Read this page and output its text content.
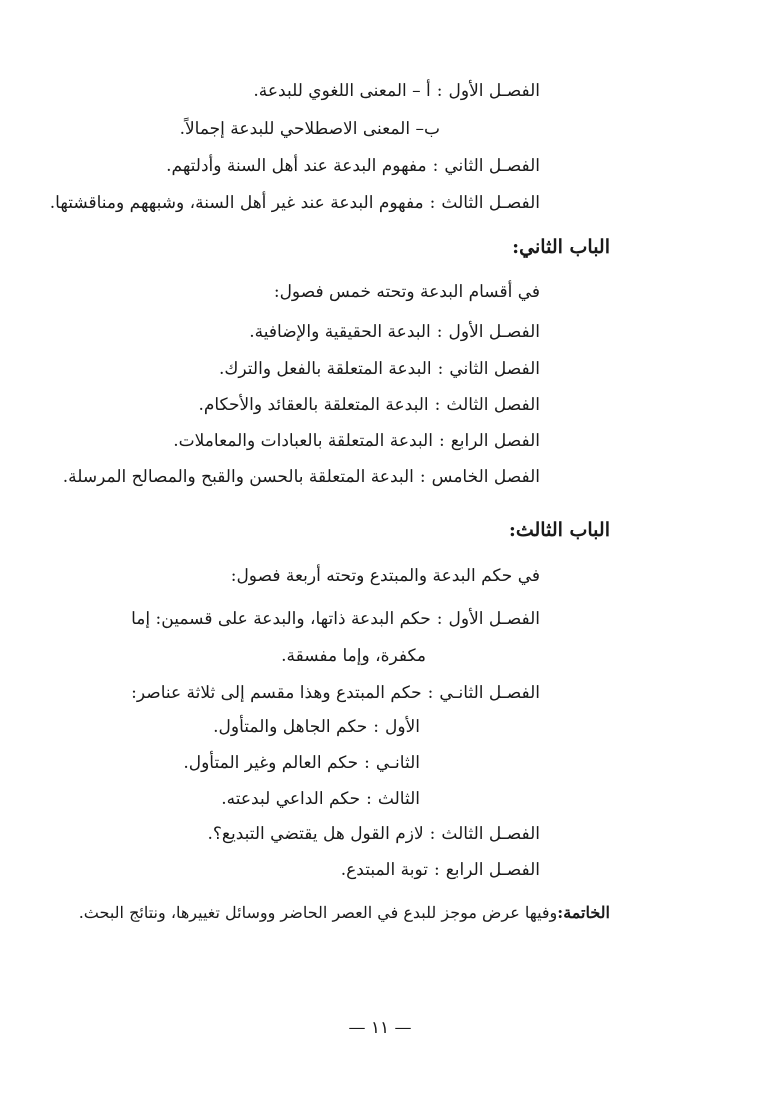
الفصـل الأول:أ – المعنى اللغوي للبدعة.

ب– المعنى الاصطلاحي للبدعة إجمالاً.

الفصـل الثاني:مفهوم البدعة عند أهل السنة وأدلتهم.

الفصـل الثالث:مفهوم البدعة عند غير أهل السنة، وشبههم ومناقشتها.

الباب الثاني:

في أقسام البدعة وتحته خمس فصول:

الفصـل الأول:البدعة الحقيقية والإضافية.

الفصل الثاني:البدعة المتعلقة بالفعل والترك.

الفصل الثالث:البدعة المتعلقة بالعقائد والأحكام.

الفصل الرابع:البدعة المتعلقة بالعبادات والمعاملات.

الفصل الخامس:البدعة المتعلقة بالحسن والقبح والمصالح المرسلة.

الباب الثالث:

في حكم البدعة والمبتدع وتحته أربعة فصول:

الفصـل الأول:حكم البدعة ذاتها، والبدعة على قسمين: إما

مكفرة، وإما مفسقة.

الفصـل الثانـي:حكم المبتدع وهذا مقسم إلى ثلاثة عناصر:

الأول:حكم الجاهل والمتأول.

الثانـي:حكم العالم وغير المتأول.

الثالث:حكم الداعي لبدعته.

الفصـل الثالث:لازم القول هل يقتضي التبديع؟.

الفصـل الرابع:توبة المبتدع.

الخاتمة:وفيها عرض موجز للبدع في العصر الحاضر ووسائل تغييرها، ونتائج البحث.

— ١١ —
